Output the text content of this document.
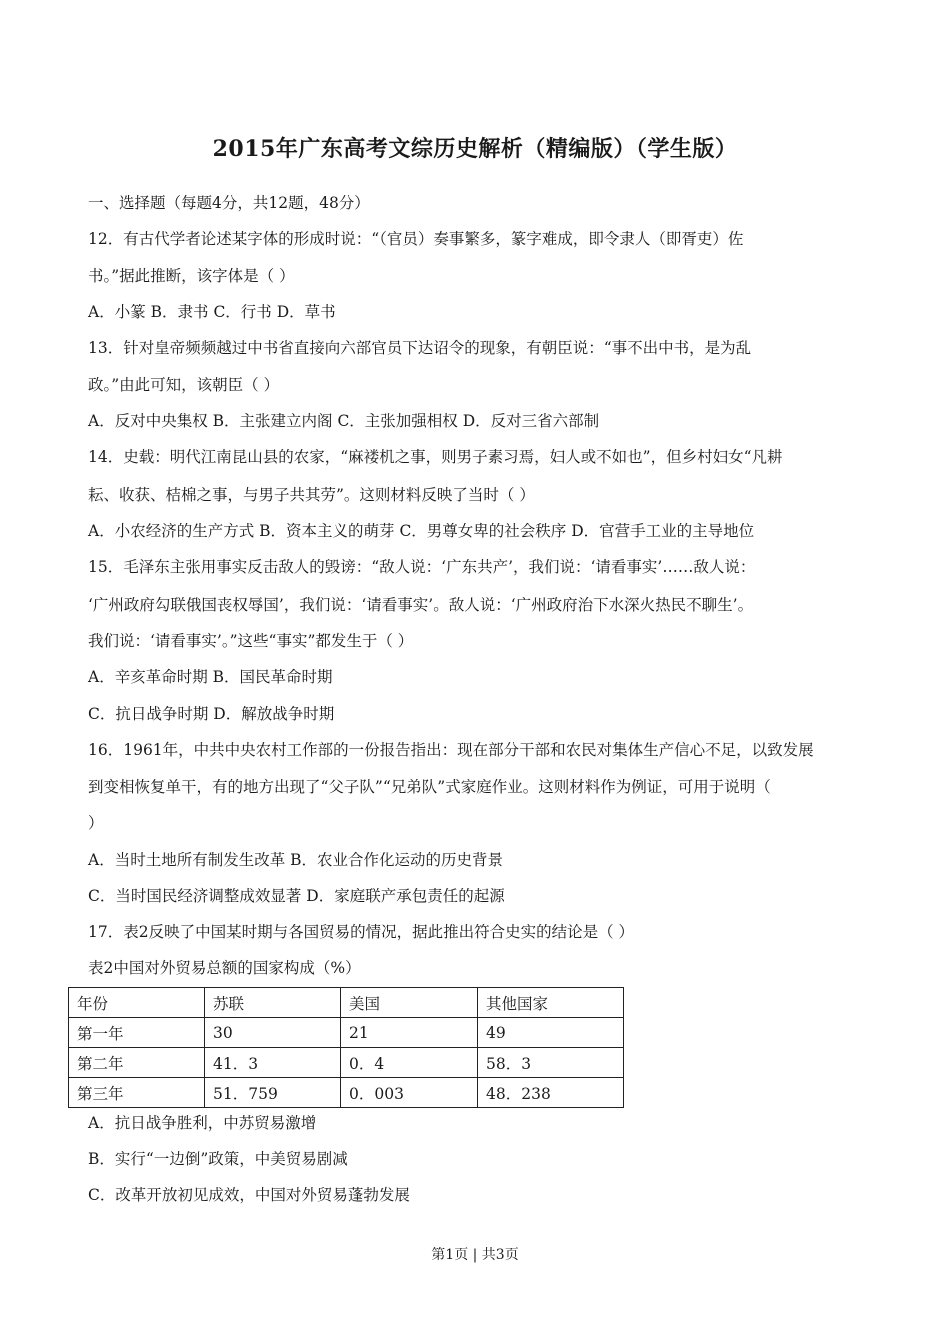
2015年广东高考文综历史解析（精编版）（学生版）
一、选择题（每题4分，共12题，48分）
12．有古代学者论述某字体的形成时说：“（官员）奏事繁多，篆字难成，即令隶人（即胥吏）佐
书。”据此推断，该字体是（ ）
A．小篆 B．隶书 C．行书 D．草书
13．针对皇帝频频越过中书省直接向六部官员下达诏令的现象，有朝臣说：“事不出中书，是为乱
政。”由此可知，该朝臣（ ）
A．反对中央集权 B．主张建立内阁 C．主张加强相权 D．反对三省六部制
14．史载：明代江南昆山县的农家，“麻褛机之事，则男子素习焉，妇人或不如也”，但乡村妇女“凡耕
耘、收获、桔棉之事，与男子共其劳”。这则材料反映了当时（ ）
A．小农经济的生产方式 B．资本主义的萌芽 C．男尊女卑的社会秩序 D．官营手工业的主导地位
15．毛泽东主张用事实反击敌人的毁谤：“敌人说：‘广东共产’，我们说：‘请看事实’……敌人说：
‘广州政府勾联俄国丧权辱国’，我们说：‘请看事实’。敌人说：‘广州政府治下水深火热民不聊生’。
我们说：‘请看事实’。”这些“事实”都发生于（ ）
A．辛亥革命时期 B．国民革命时期
C．抗日战争时期 D．解放战争时期
16．1961年，中共中央农村工作部的一份报告指出：现在部分干部和农民对集体生产信心不足，以致发展
到变相恢复单干，有的地方出现了“父子队”“兄弟队”式家庭作业。这则材料作为例证，可用于说明（
）
A．当时土地所有制发生改革 B．农业合作化运动的历史背景
C．当时国民经济调整成效显著 D．家庭联产承包责任的起源
17．表2反映了中国某时期与各国贸易的情况，据此推出符合史实的结论是（ ）
表2中国对外贸易总额的国家构成（%）
年份	苏联	美国	其他国家
第一年	30	21	49
第二年	41．3	0．4	58．3
第三年	51．759	0．003	48．238
A．抗日战争胜利，中苏贸易激增
B．实行“一边倒”政策，中美贸易剧减
C．改革开放初见成效，中国对外贸易蓬勃发展
第1页 | 共3页
